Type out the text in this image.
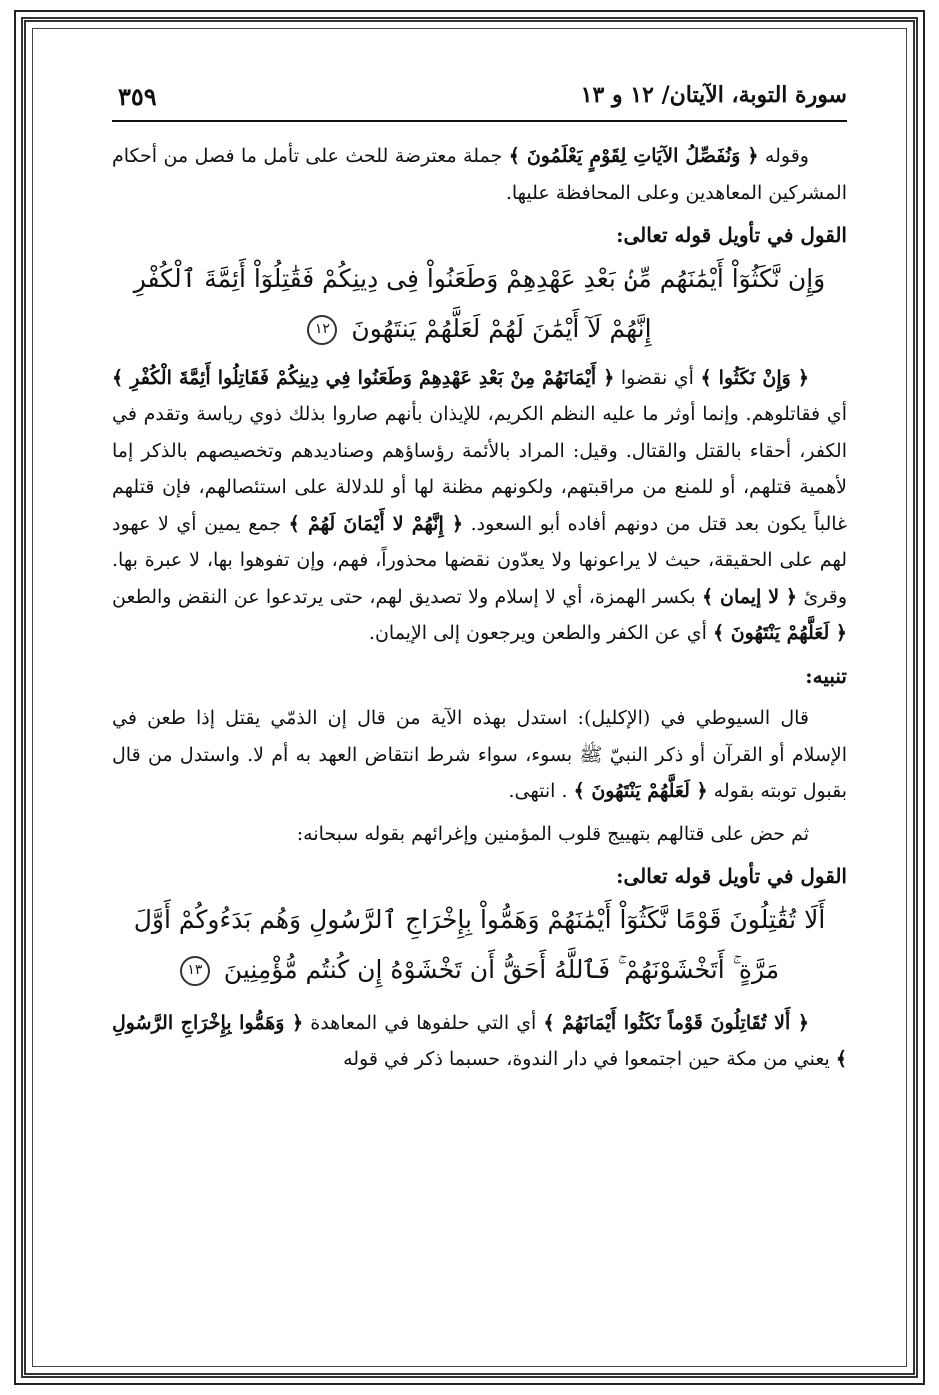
سورة التوبة، الآيتان/ ١٢ و ١٣
٣٥٩

وقوله ﴿ وَنُفَصِّلُ الآيَاتِ لِقَوْمٍ يَعْلَمُونَ ﴾ جملة معترضة للحث على تأمل ما فصل من أحكام المشركين المعاهدين وعلى المحافظة عليها.

القول في تأويل قوله تعالى:

وَإِن نَّكَثُوٓاْ أَيْمَٰنَهُم مِّنۢ بَعْدِ عَهْدِهِمْ وَطَعَنُواْ فِى دِينِكُمْ فَقَٰتِلُوٓاْ أَئِمَّةَ ٱلْكُفْرِ إِنَّهُمْ لَآ أَيْمَٰنَ لَهُمْ لَعَلَّهُمْ يَنتَهُونَ ١٢

﴿ وَإِنْ نَكَثُوا ﴾ أي نقضوا ﴿ أَيْمَانَهُمْ مِنْ بَعْدِ عَهْدِهِمْ وَطَعَنُوا فِي دِينِكُمْ فَقَاتِلُوا أَئِمَّةَ الْكُفْرِ ﴾ أي فقاتلوهم. وإنما أوثر ما عليه النظم الكريم، للإيذان بأنهم صاروا بذلك ذوي رياسة وتقدم في الكفر، أحقاء بالقتل والقتال. وقيل: المراد بالأئمة رؤساؤهم وصناديدهم وتخصيصهم بالذكر إما لأهمية قتلهم، أو للمنع من مراقبتهم، ولكونهم مظنة لها أو للدلالة على استئصالهم، فإن قتلهم غالباً يكون بعد قتل من دونهم أفاده أبو السعود. ﴿ إِنَّهُمْ لا أَيْمَانَ لَهُمْ ﴾ جمع يمين أي لا عهود لهم على الحقيقة، حيث لا يراعونها ولا يعدّون نقضها محذوراً، فهم، وإن تفوهوا بها، لا عبرة بها. وقرئ ﴿ لا إيمان ﴾ بكسر الهمزة، أي لا إسلام ولا تصديق لهم، حتى يرتدعوا عن النقض والطعن ﴿ لَعَلَّهُمْ يَنْتَهُونَ ﴾ أي عن الكفر والطعن ويرجعون إلى الإيمان.

تنبيه:

قال السيوطي في (الإكليل): استدل بهذه الآية من قال إن الذمّي يقتل إذا طعن في الإسلام أو القرآن أو ذكر النبيّ ﷺ بسوء، سواء شرط انتقاض العهد به أم لا. واستدل من قال بقبول توبته بقوله ﴿ لَعَلَّهُمْ يَنْتَهُونَ ﴾ . انتهى.

ثم حض على قتالهم بتهييج قلوب المؤمنين وإغرائهم بقوله سبحانه:

القول في تأويل قوله تعالى:

أَلَا تُقَٰتِلُونَ قَوْمًا نَّكَثُوٓاْ أَيْمَٰنَهُمْ وَهَمُّواْ بِإِخْرَاجِ ٱلرَّسُولِ وَهُم بَدَءُوكُمْ أَوَّلَ مَرَّةٍ ۚ أَتَخْشَوْنَهُمْ ۚ فَٱللَّهُ أَحَقُّ أَن تَخْشَوْهُ إِن كُنتُم مُّؤْمِنِينَ ١٣

﴿ أَلا تُقَاتِلُونَ قَوْماً نَكَثُوا أَيْمَانَهُمْ ﴾ أي التي حلفوها في المعاهدة ﴿ وَهَمُّوا بِإِخْرَاجِ الرَّسُولِ ﴾ يعني من مكة حين اجتمعوا في دار الندوة، حسبما ذكر في قوله
